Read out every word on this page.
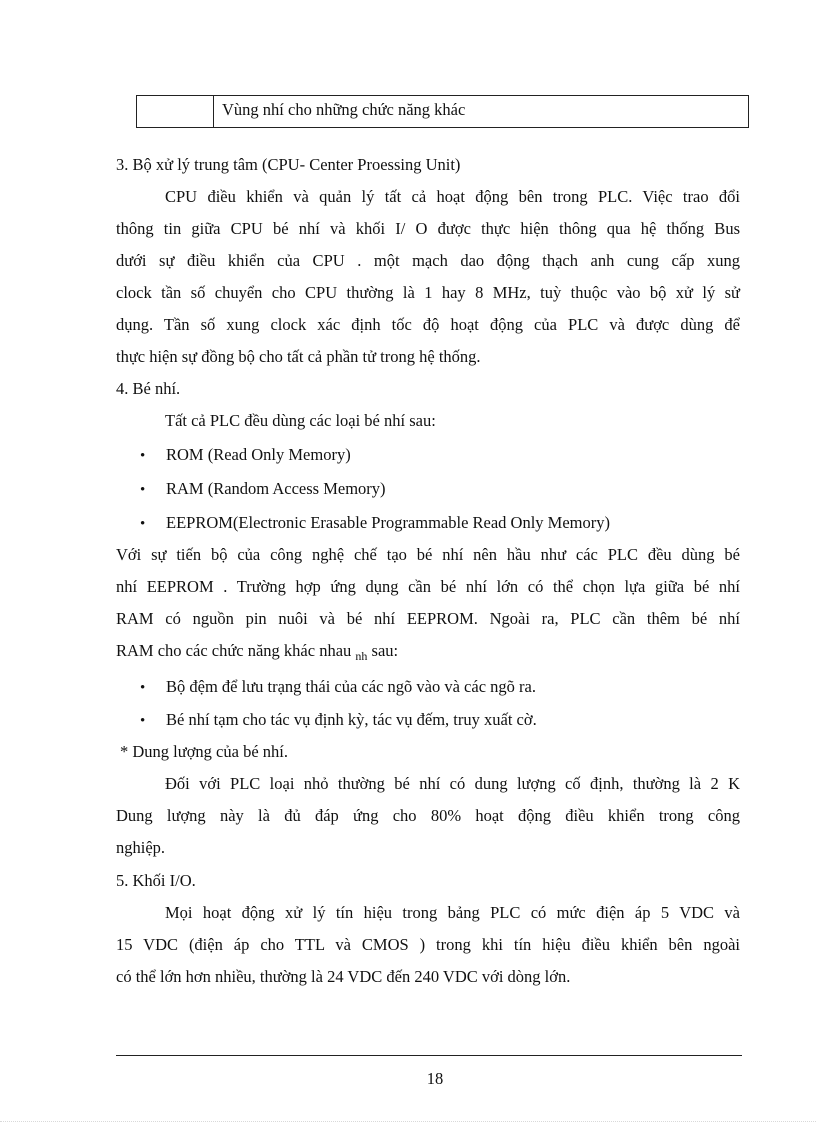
Vùng nhí cho những chức năng khác
3. Bộ xử lý trung tâm (CPU- Center Proessing Unit)
CPU điều khiển và quản lý tất cả hoạt động bên trong PLC. Việc trao đổi
thông tin giữa CPU bé nhí và khối I/ O được thực hiện thông qua hệ thống Bus
dưới sự điều khiển của CPU . một mạch dao động thạch anh cung cấp xung
clock tần số chuyển cho CPU thường là 1 hay 8 MHz, tuỳ thuộc vào bộ xử lý sử
dụng. Tần số xung clock xác định tốc độ hoạt động của PLC và được dùng để
thực hiện sự đồng bộ cho tất cả phần tử trong hệ thống.
4. Bé nhí.
Tất cả PLC đều dùng các loại bé nhí sau:
• ROM (Read Only Memory)
• RAM (Random Access Memory)
• EEPROM(Electronic Erasable Programmable Read Only Memory)
Với sự tiến bộ của công nghệ chế tạo bé nhí nên hầu như các PLC đều dùng bé
nhí EEPROM . Trường hợp ứng dụng cần bé nhí lớn có thể chọn lựa giữa bé nhí
RAM có nguồn pin nuôi và bé nhí EEPROM. Ngoài ra, PLC cần thêm bé nhí
RAM cho các chức năng khác nhau $_{nh}$ sau:
• Bộ đệm để lưu trạng thái của các ngõ vào và các ngõ ra.
• Bé nhí tạm cho tác vụ định kỳ, tác vụ đếm, truy xuất cờ.
* Dung lượng của bé nhí.
Đối với PLC loại nhỏ thường bé nhí có dung lượng cố định, thường là 2 K
Dung lượng này là đủ đáp ứng cho 80% hoạt động điều khiển trong công
nghiệp.
5. Khối I/O.
Mọi hoạt động xử lý tín hiệu trong bảng PLC có mức điện áp 5 VDC và
15 VDC (điện áp cho TTL và CMOS ) trong khi tín hiệu điều khiển bên ngoài
có thể lớn hơn nhiều, thường là 24 VDC đến 240 VDC với dòng lớn.
18
